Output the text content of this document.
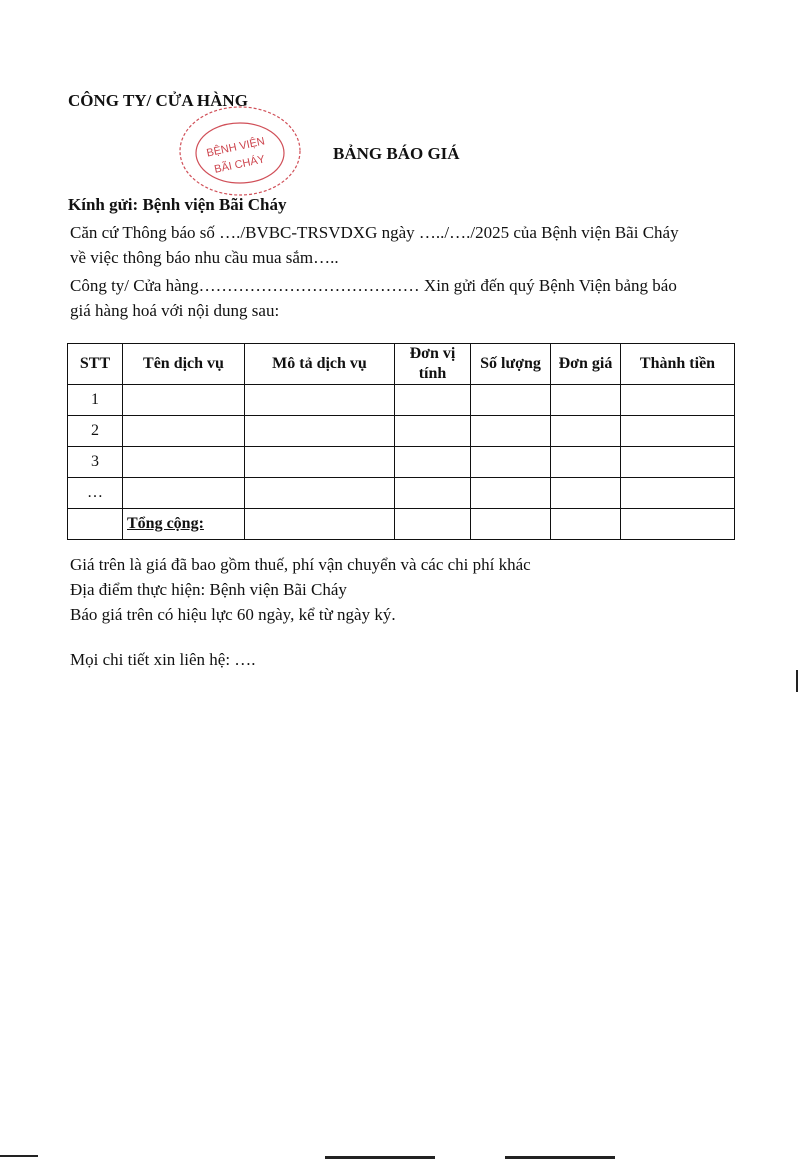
CÔNG TY/ CỬA HÀNG
BỆNH VIỆN
BÃI CHÁY	BẢNG BÁO GIÁ
Kính gửi: Bệnh viện Bãi Cháy
Căn cứ Thông báo số …./BVBC-TRSVDXG ngày …../…./2025 của Bệnh viện Bãi Cháy
về việc thông báo nhu cầu mua sắm…..
Công ty/ Cửa hàng………………………………… Xin gửi đến quý Bệnh Viện bảng báo
giá hàng hoá với nội dung sau:
STT	Tên dịch vụ	Mô tả dịch vụ	Đơn vị tính	Số lượng	Đơn giá	Thành tiền
1						
2						
3						
…						
	Tổng cộng:					
Giá trên là giá đã bao gồm thuế, phí vận chuyển và các chi phí khác
Địa điểm thực hiện: Bệnh viện Bãi Cháy
Báo giá trên có hiệu lực 60 ngày, kể từ ngày ký.
Mọi chi tiết xin liên hệ: ….
